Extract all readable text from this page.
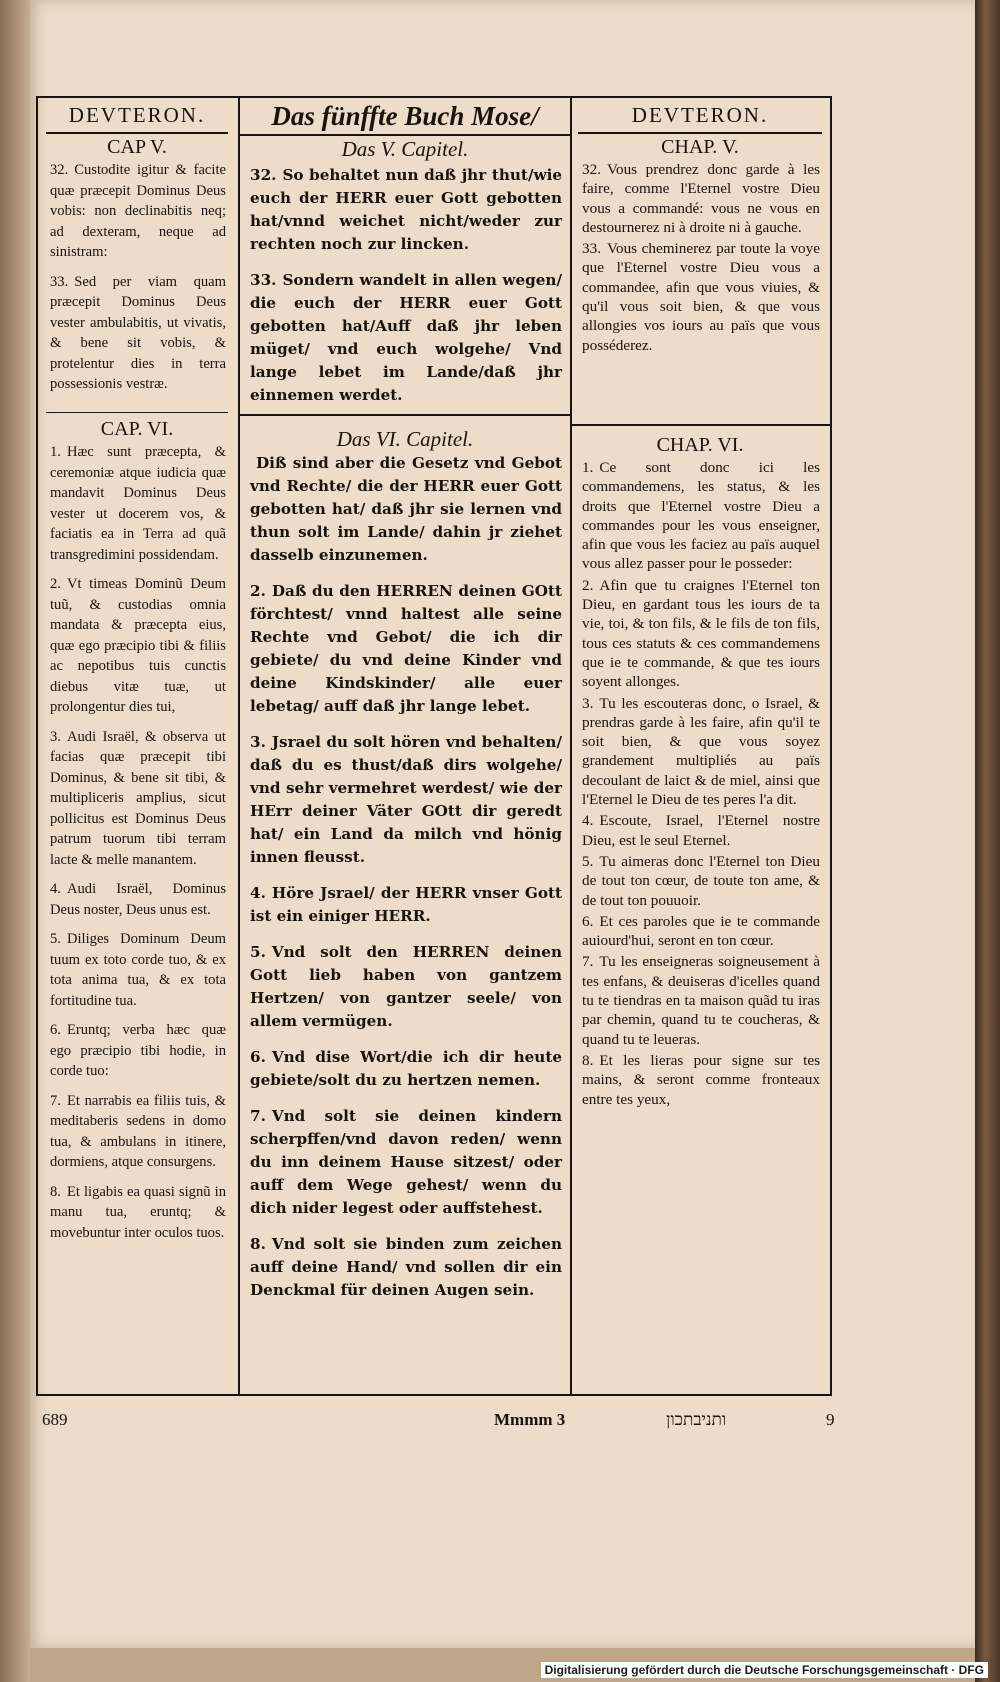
DEVTERON.
CAP V.
32. Custodite igitur & facite quæ præcepit Dominus Deus vobis: non declinabitis neq; ad dexteram, neque ad sinistram:
33. Sed per viam quam præcepit Dominus Deus vester ambulabitis, ut vivatis, & bene sit vobis, & protelentur dies in terra possessionis vestræ.
CAP. VI.
1. Hæc sunt præcepta, & ceremoniæ atque iudicia quæ mandavit Dominus Deus vester ut docerem vos, & faciatis ea in Terra ad quã transgredimini possidendam.
2. Vt timeas Dominũ Deum tuũ, & custodias omnia mandata & præcepta eius, quæ ego præcipio tibi & filiis ac nepotibus tuis cunctis diebus vitæ tuæ, ut prolongentur dies tui,
3. Audi Israël, & observa ut facias quæ præcepit tibi Dominus, & bene sit tibi, & multipliceris amplius, sicut pollicitus est Dominus Deus patrum tuorum tibi terram lacte & melle manantem.
4. Audi Israël, Dominus Deus noster, Deus unus est.
5. Diliges Dominum Deum tuum ex toto corde tuo, & ex tota anima tua, & ex tota fortitudine tua.
6. Eruntq; verba hæc quæ ego præcipio tibi hodie, in corde tuo:
7. Et narrabis ea filiis tuis, & meditaberis sedens in domo tua, & ambulans in itinere, dormiens, atque consurgens.
8. Et ligabis ea quasi signũ in manu tua, eruntq; & movebuntur inter oculos tuos.
Das fünffte Buch Mose/
Das V. Capitel.
32. So behaltet nun daß jhr thut/wie euch der HERR euer Gott gebotten hat/vnnd weichet nicht/weder zur rechten noch zur lincken.
33. Sondern wandelt in allen wegen/ die euch der HERR euer Gott gebotten hat/Auff daß jhr leben müget/ vnd euch wolgehe/ Vnd lange lebet im Lande/daß jhr einnemen werdet.
Das VI. Capitel.
Diß sind aber die Gesetz vnd Gebot vnd Rechte/ die der HERR euer Gott gebotten hat/ daß jhr sie lernen vnd thun solt im Lande/ dahin jr ziehet dasselb einzunemen.
2. Daß du den HERREN deinen GOtt förchtest/ vnnd haltest alle seine Rechte vnd Gebot/ die ich dir gebiete/ du vnd deine Kinder vnd deine Kindskinder/ alle euer lebetag/ auff daß jhr lange lebet.
3. Jsrael du solt hören vnd behalten/ daß du es thust/daß dirs wolgehe/ vnd sehr vermehret werdest/ wie der HErr deiner Väter GOtt dir geredt hat/ ein Land da milch vnd hönig innen fleusst.
4. Höre Jsrael/ der HERR vnser Gott ist ein einiger HERR.
5. Vnd solt den HERREN deinen Gott lieb haben von gantzem Hertzen/ von gantzer seele/ von allem vermügen.
6. Vnd dise Wort/die ich dir heute gebiete/solt du zu hertzen nemen.
7. Vnd solt sie deinen kindern scherpffen/vnd davon reden/ wenn du inn deinem Hause sitzest/ oder auff dem Wege gehest/ wenn du dich nider legest oder auffstehest.
8. Vnd solt sie binden zum zeichen auff deine Hand/ vnd sollen dir ein Denckmal für deinen Augen sein.
DEVTERON.
CHAP. V.
32. Vous prendrez donc garde à les faire, comme l'Eternel vostre Dieu vous a commandé: vous ne vous en destournerez ni à droite ni à gauche.
33. Vous cheminerez par toute la voye que l'Eternel vostre Dieu vous a commandee, afin que vous viuies, & qu'il vous soit bien, & que vous allongies vos iours au païs que vous posséderez.
CHAP. VI.
1. Ce sont donc ici les commandemens, les status, & les droits que l'Eternel vostre Dieu a commandes pour les vous enseigner, afin que vous les faciez au païs auquel vous allez passer pour le posseder:
2. Afin que tu craignes l'Eternel ton Dieu, en gardant tous les iours de ta vie, toi, & ton fils, & le fils de ton fils, tous ces statuts & ces commandemens que ie te commande, & que tes iours soyent allonges.
3. Tu les escouteras donc, o Israel, & prendras garde à les faire, afin qu'il te soit bien, & que vous soyez grandement multipliés au païs decoulant de laict & de miel, ainsi que l'Eternel le Dieu de tes peres l'a dit.
4. Escoute, Israel, l'Eternel nostre Dieu, est le seul Eternel.
5. Tu aimeras donc l'Eternel ton Dieu de tout ton cœur, de toute ton ame, & de tout ton pouuoir.
6. Et ces paroles que ie te commande auiourd'hui, seront en ton cœur.
7. Tu les enseigneras soigneusement à tes enfans, & deuiseras d'icelles quand tu te tiendras en ta maison quãd tu iras par chemin, quand tu te coucheras, & quand tu te leueras.
8. Et les lieras pour signe sur tes mains, & seront comme fronteaux entre tes yeux,
689	Mmmm 3	ותניבתכון	9
Digitalisierung gefördert durch die Deutsche Forschungsgemeinschaft · DFG
